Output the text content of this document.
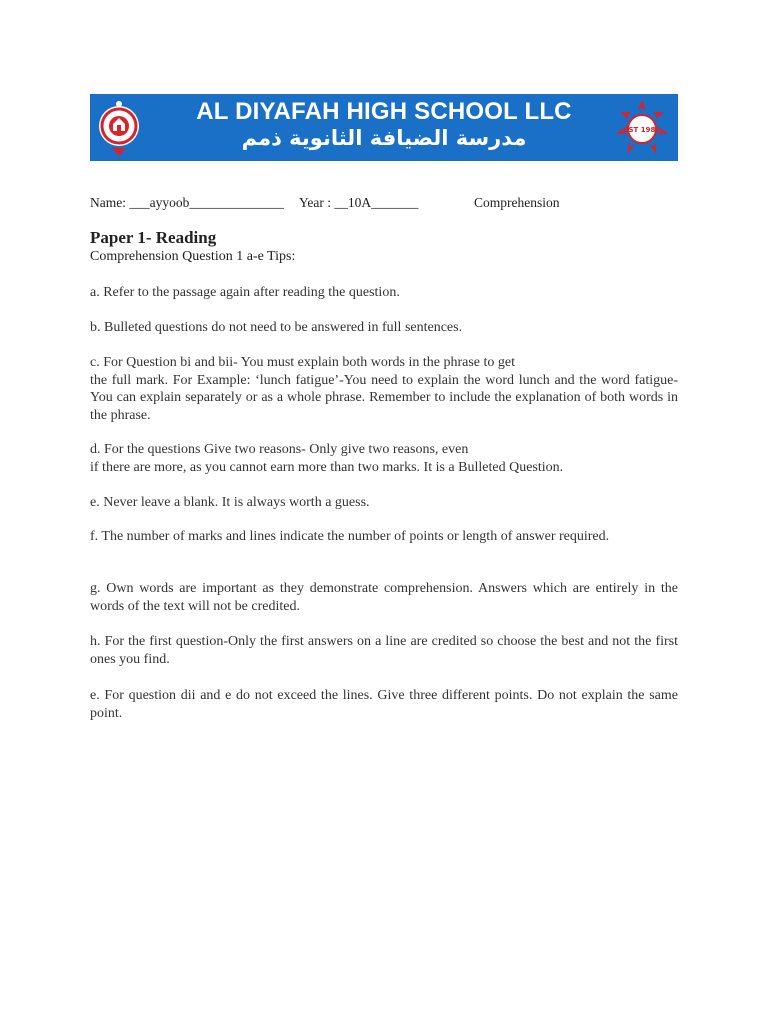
AL DIYAFAH HIGH SCHOOL LLC
مدرسة الضيافة الثانوية ذمم	EST 1982
Name: ___ayyoob______________ Year : __10A_______	Comprehension
Paper 1- Reading
Comprehension Question 1 a-e Tips:
a. Refer to the passage again after reading the question.
b. Bulleted questions do not need to be answered in full sentences.
c. For Question bi and bii- You must explain both words in the phrase to get
the full mark. For Example: ‘lunch fatigue’-You need to explain the word lunch and the word fatigue-You can explain separately or as a whole phrase. Remember to include the explanation of both words in the phrase.
d. For the questions Give two reasons- Only give two reasons, even
if there are more, as you cannot earn more than two marks. It is a Bulleted Question.
e. Never leave a blank. It is always worth a guess.
f. The number of marks and lines indicate the number of points or length of answer required.
g. Own words are important as they demonstrate comprehension. Answers which are entirely in the words of the text will not be credited.
h. For the first question-Only the first answers on a line are credited so choose the best and not the first ones you find.
e. For question dii and e do not exceed the lines. Give three different points. Do not explain the same point.
